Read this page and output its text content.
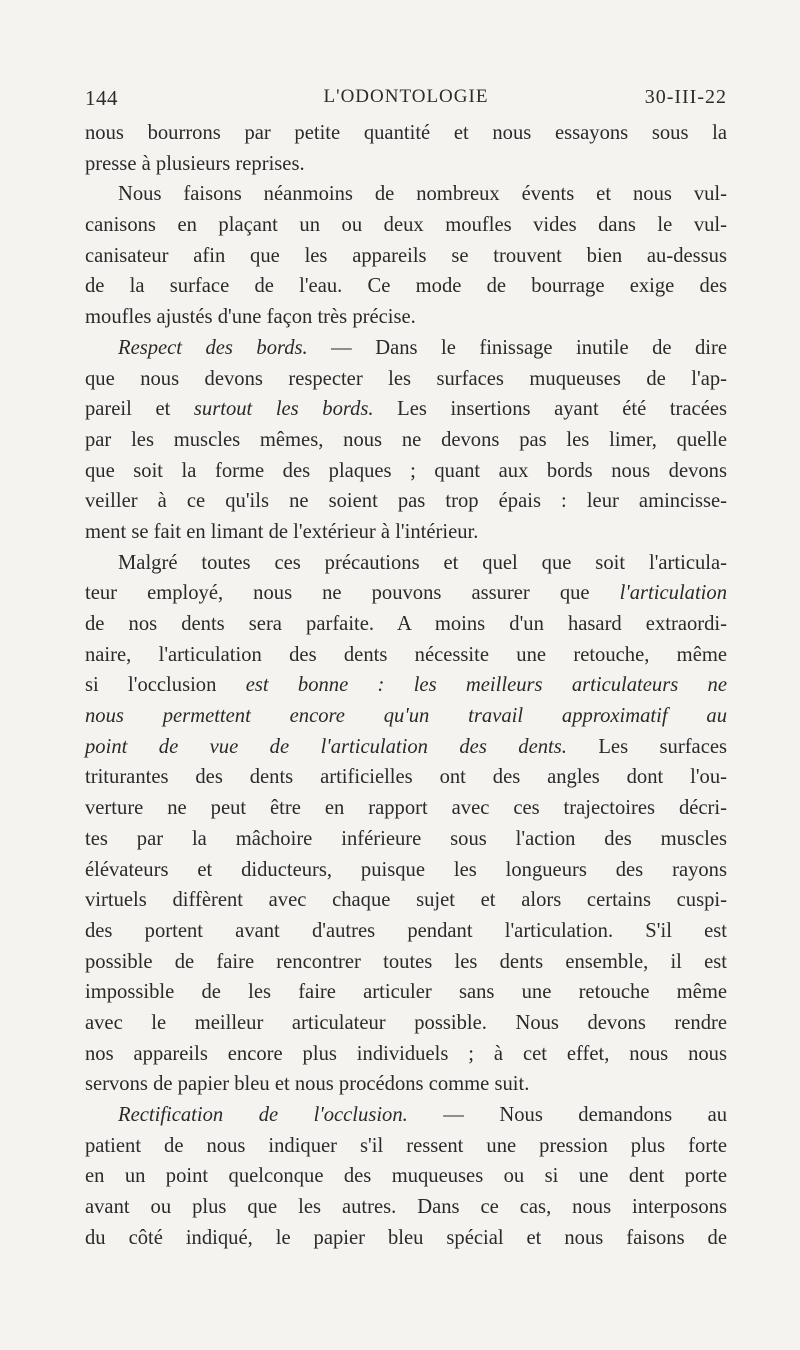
144	L'ODONTOLOGIE	30-III-22
nous bourrons par petite quantité et nous essayons sous la
presse à plusieurs reprises.
Nous faisons néanmoins de nombreux évents et nous vul-
canisons en plaçant un ou deux moufles vides dans le vul-
canisateur afin que les appareils se trouvent bien au-dessus
de la surface de l'eau. Ce mode de bourrage exige des
moufles ajustés d'une façon très précise.
Respect des bords. — Dans le finissage inutile de dire
que nous devons respecter les surfaces muqueuses de l'ap-
pareil et surtout les bords. Les insertions ayant été tracées
par les muscles mêmes, nous ne devons pas les limer, quelle
que soit la forme des plaques ; quant aux bords nous devons
veiller à ce qu'ils ne soient pas trop épais : leur amincisse-
ment se fait en limant de l'extérieur à l'intérieur.
Malgré toutes ces précautions et quel que soit l'articula-
teur employé, nous ne pouvons assurer que l'articulation
de nos dents sera parfaite. A moins d'un hasard extraordi-
naire, l'articulation des dents nécessite une retouche, même
si l'occlusion est bonne : les meilleurs articulateurs ne
nous permettent encore qu'un travail approximatif au
point de vue de l'articulation des dents. Les surfaces
triturantes des dents artificielles ont des angles dont l'ou-
verture ne peut être en rapport avec ces trajectoires décri-
tes par la mâchoire inférieure sous l'action des muscles
élévateurs et diducteurs, puisque les longueurs des rayons
virtuels diffèrent avec chaque sujet et alors certains cuspi-
des portent avant d'autres pendant l'articulation. S'il est
possible de faire rencontrer toutes les dents ensemble, il est
impossible de les faire articuler sans une retouche même
avec le meilleur articulateur possible. Nous devons rendre
nos appareils encore plus individuels ; à cet effet, nous nous
servons de papier bleu et nous procédons comme suit.
Rectification de l'occlusion. — Nous demandons au
patient de nous indiquer s'il ressent une pression plus forte
en un point quelconque des muqueuses ou si une dent porte
avant ou plus que les autres. Dans ce cas, nous interposons
du côté indiqué, le papier bleu spécial et nous faisons de
